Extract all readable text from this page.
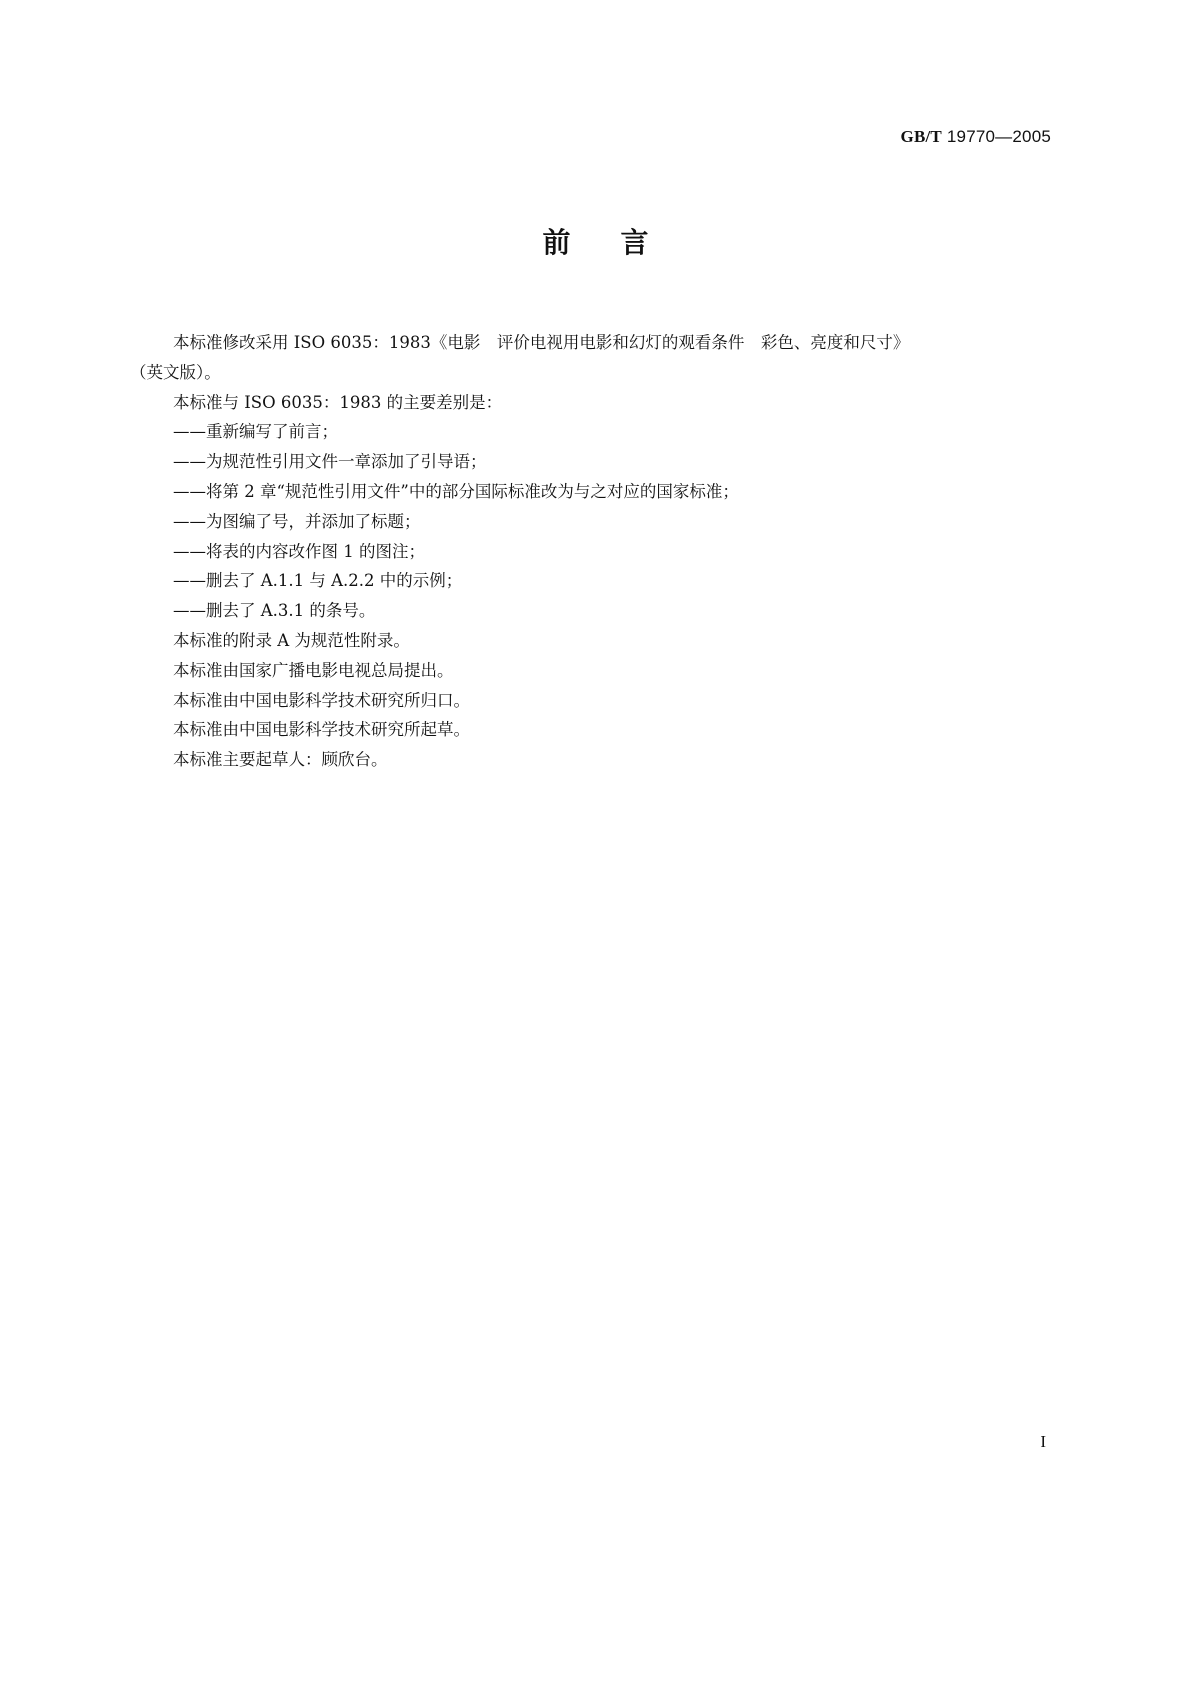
GB/T 19770—2005
前言

本标准修改采用 ISO 6035：1983《电影　评价电视用电影和幻灯的观看条件　彩色、亮度和尺寸》

（英文版）。

本标准与 ISO 6035：1983 的主要差别是：

——重新编写了前言；

——为规范性引用文件一章添加了引导语；

——将第 2 章“规范性引用文件”中的部分国际标准改为与之对应的国家标准；

——为图编了号，并添加了标题；

——将表的内容改作图 1 的图注；

——删去了 A.1.1 与 A.2.2 中的示例；

——删去了 A.3.1 的条号。

本标准的附录 A 为规范性附录。

本标准由国家广播电影电视总局提出。

本标准由中国电影科学技术研究所归口。

本标准由中国电影科学技术研究所起草。

本标准主要起草人：顾欣台。

I
